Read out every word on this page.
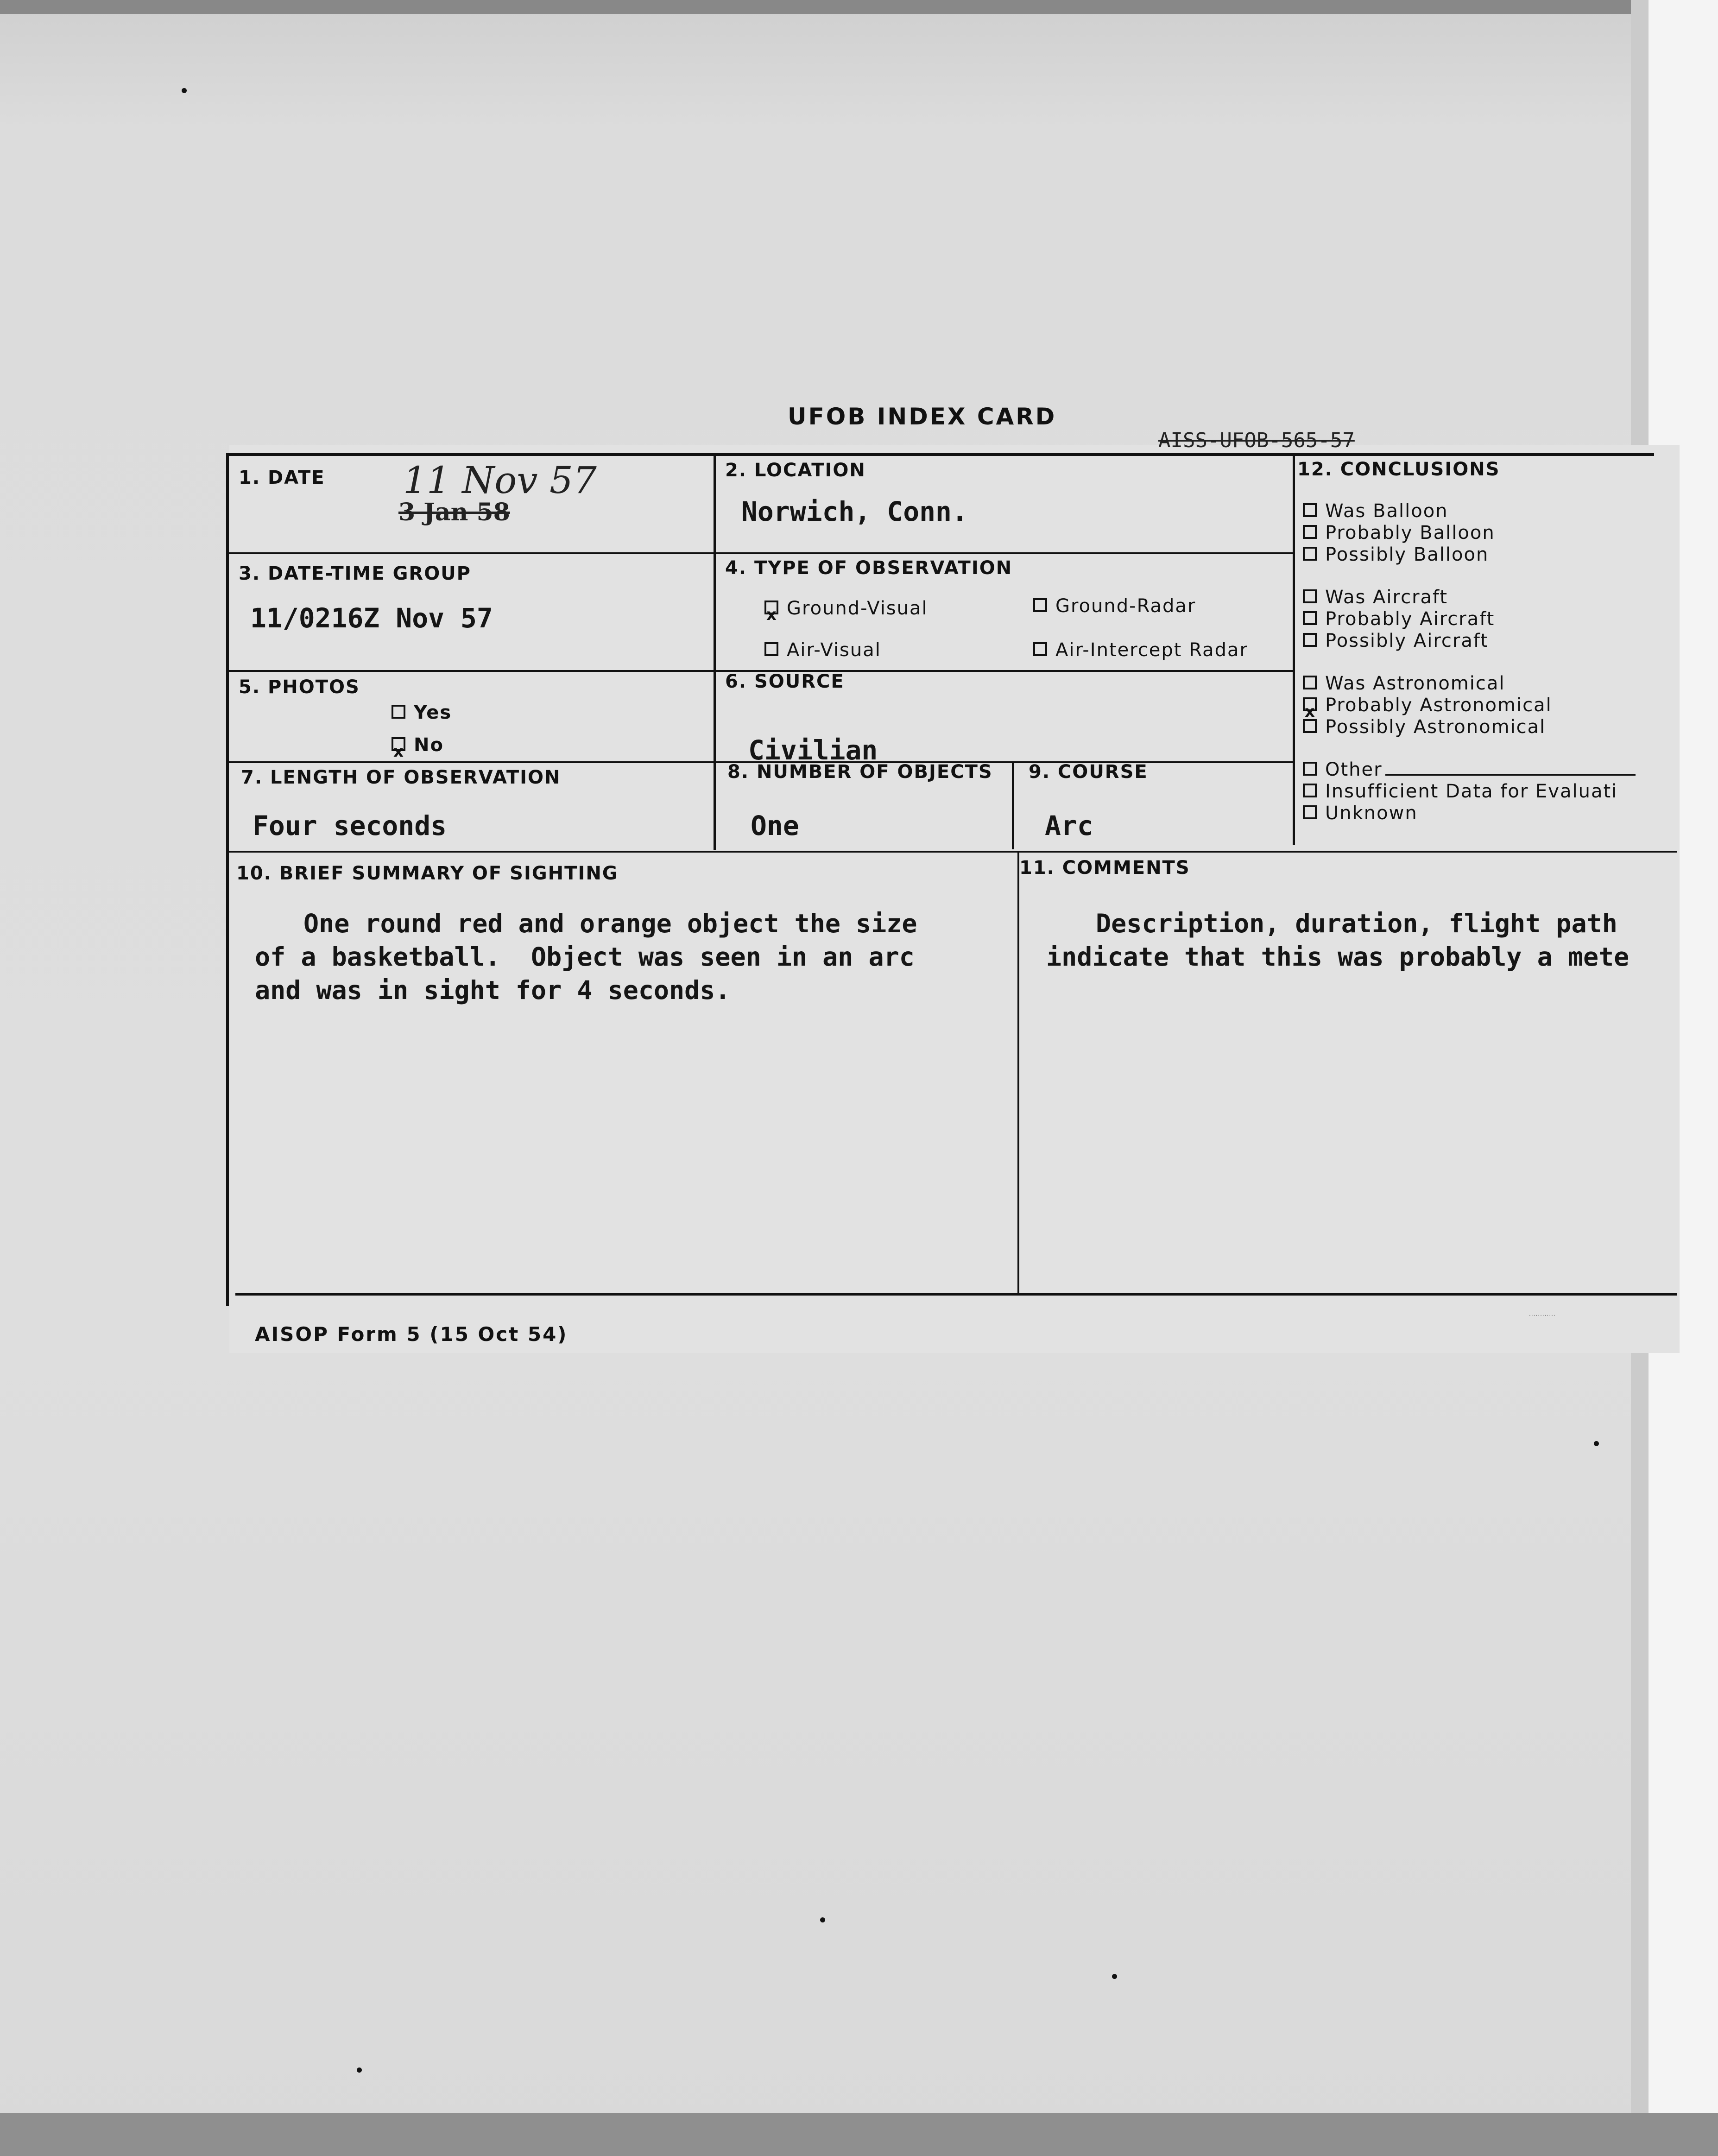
UFOB INDEX CARD
AISS-UFOB-565-57
1. DATE 11 Nov 57
3 Jan 58
2. LOCATION
Norwich, Conn.
3. DATE-TIME GROUP
11/0216Z Nov 57
4. TYPE OF OBSERVATION
xGround-Visual	Ground-Radar
Air-Visual	Air-Intercept Radar
5. PHOTOS
Yes
xNo
6. SOURCE
Civilian
7. LENGTH OF OBSERVATION
Four seconds
8. NUMBER OF OBJECTS
One
9. COURSE
Arc
10. BRIEF SUMMARY OF SIGHTING
One round red and orange object the size
of a basketball.  Object was seen in an arc
and was in sight for 4 seconds.
11. COMMENTS
Description, duration, flight path
indicate that this was probably a mete
12. CONCLUSIONS
Was Balloon
Probably Balloon
Possibly Balloon
Was Aircraft
Probably Aircraft
Possibly Aircraft
Was Astronomical
xProbably Astronomical
Possibly Astronomical
Other
Insufficient Data for Evaluati
Unknown
AISOP Form 5 (15 Oct 54)
············
